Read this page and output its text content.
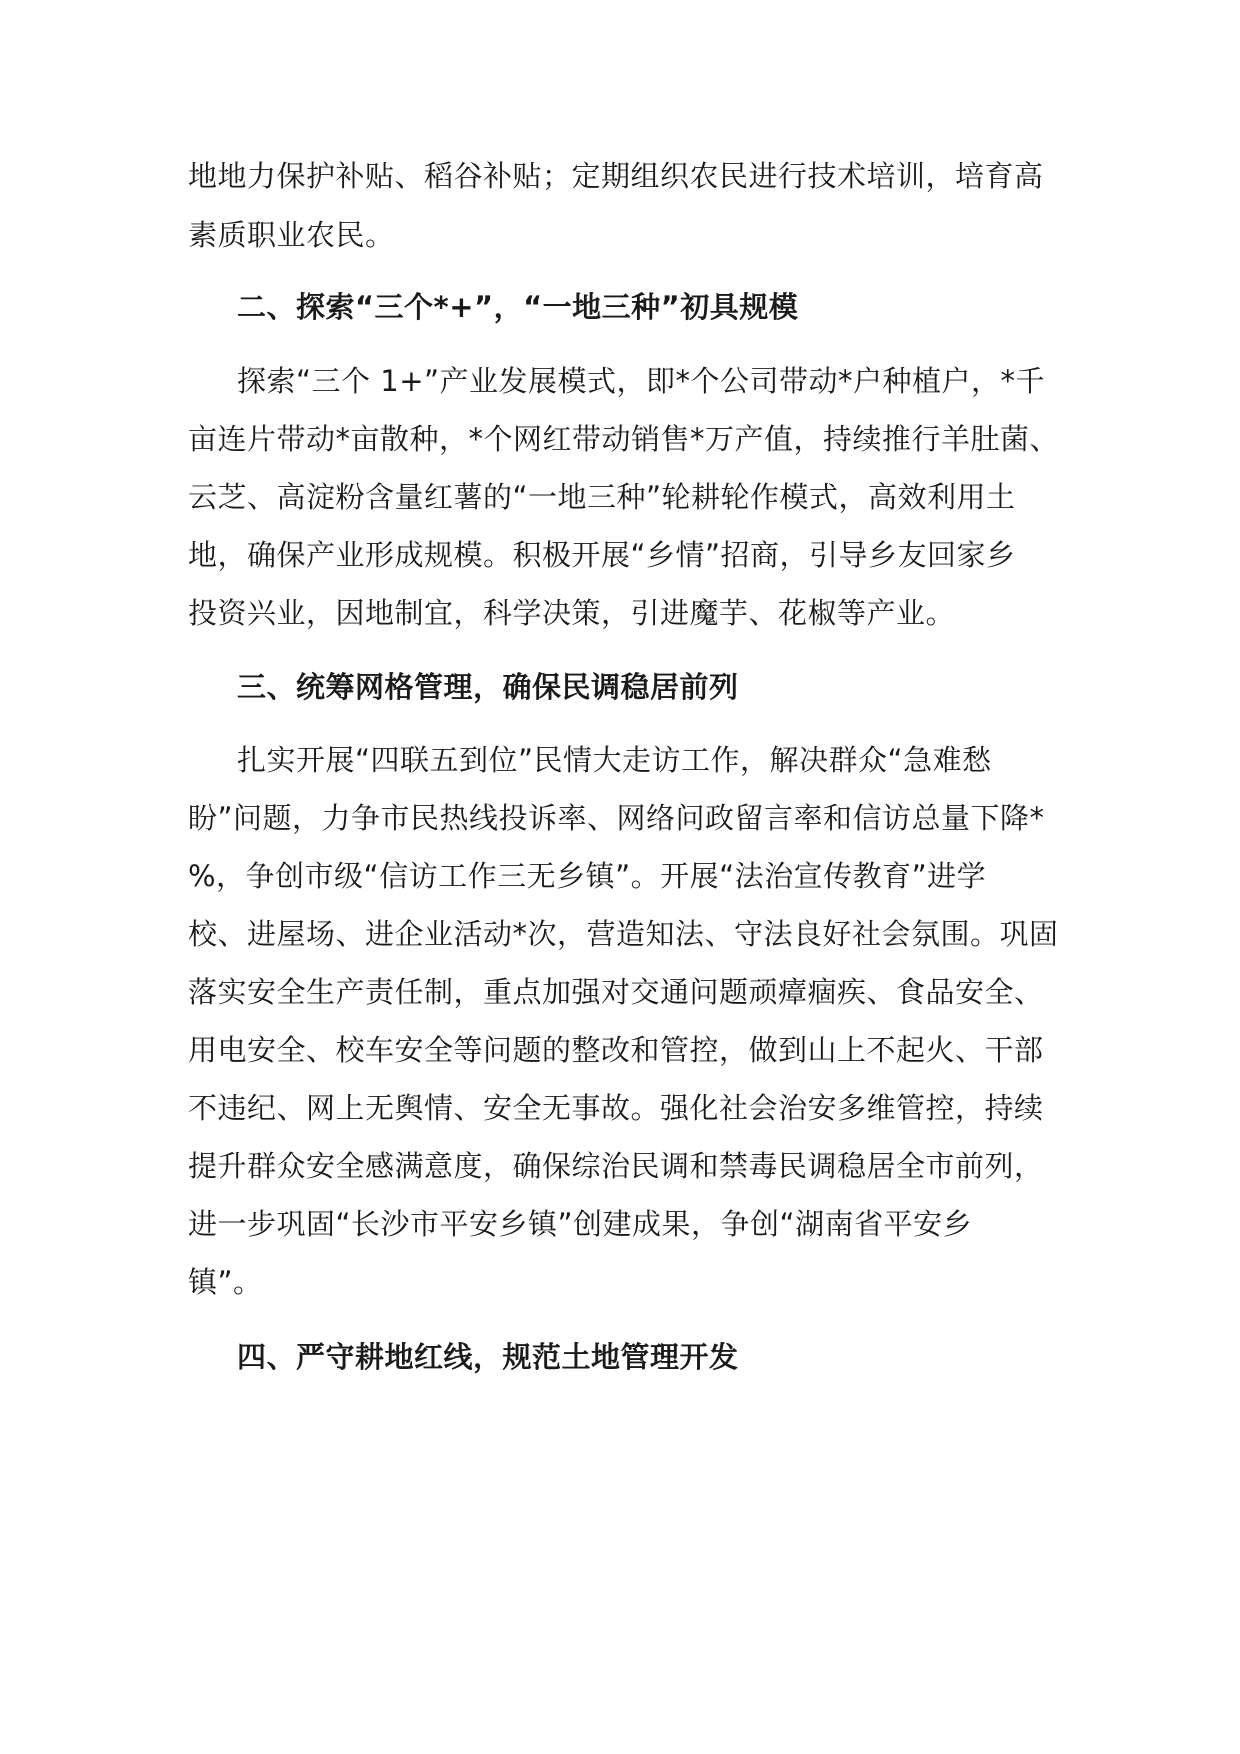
地地力保护补贴、稻谷补贴；定期组织农民进行技术培训，培育高
素质职业农民。
二、探索“三个*+”，“一地三种”初具规模
探索“三个 1+”产业发展模式，即*个公司带动*户种植户，*千
亩连片带动*亩散种，*个网红带动销售*万产值，持续推行羊肚菌、
云芝、高淀粉含量红薯的“一地三种”轮耕轮作模式，高效利用土
地，确保产业形成规模。积极开展“乡情”招商，引导乡友回家乡
投资兴业，因地制宜，科学决策，引进魔芋、花椒等产业。
三、统筹网格管理，确保民调稳居前列
扎实开展“四联五到位”民情大走访工作，解决群众“急难愁
盼”问题，力争市民热线投诉率、网络问政留言率和信访总量下降*
%，争创市级“信访工作三无乡镇”。开展“法治宣传教育”进学
校、进屋场、进企业活动*次，营造知法、守法良好社会氛围。巩固
落实安全生产责任制，重点加强对交通问题顽瘴痼疾、食品安全、
用电安全、校车安全等问题的整改和管控，做到山上不起火、干部
不违纪、网上无舆情、安全无事故。强化社会治安多维管控，持续
提升群众安全感满意度，确保综治民调和禁毒民调稳居全市前列，
进一步巩固“长沙市平安乡镇”创建成果，争创“湖南省平安乡
镇”。
四、严守耕地红线，规范土地管理开发
